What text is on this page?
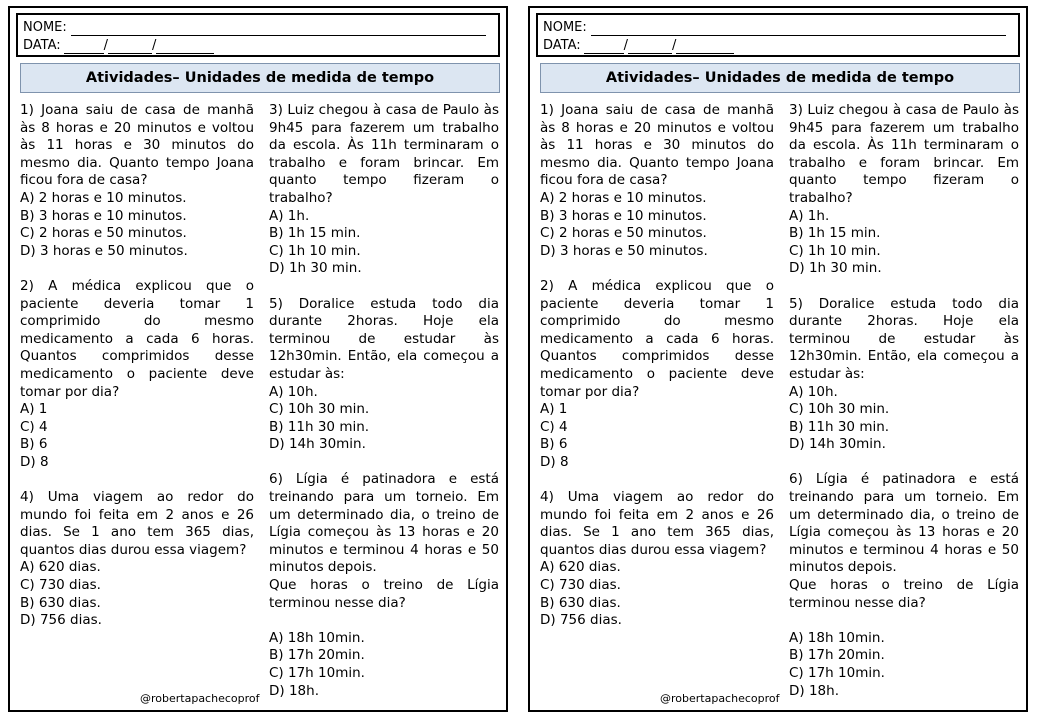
NOME:
DATA:	/	/
Atividades– Unidades de medida de tempo
1) Joana saiu de casa de manhã às 8 horas e 20 minutos e voltou às 11 horas e 30 minutos do mesmo dia. Quanto tempo Joana ficou fora de casa?
A) 2 horas e 10 minutos.
B) 3 horas e 10 minutos.
C) 2 horas e 50 minutos.
D) 3 horas e 50 minutos.
2) A médica explicou que o paciente deveria tomar 1 comprimido do mesmo medicamento a cada 6 horas. Quantos comprimidos desse medicamento o paciente deve tomar por dia?
A) 1
C) 4
B) 6
D) 8
4) Uma viagem ao redor do mundo foi feita em 2 anos e 26 dias. Se 1 ano tem 365 dias, quantos dias durou essa viagem?
A) 620 dias.
C) 730 dias.
B) 630 dias.
D) 756 dias.
3) Luiz chegou à casa de Paulo às 9h45 para fazerem um trabalho da escola. Às 11h terminaram o trabalho e foram brincar. Em quanto tempo fizeram o trabalho?
A) 1h.
B) 1h 15 min.
C) 1h 10 min.
D) 1h 30 min.
5) Doralice estuda todo dia durante 2horas. Hoje ela terminou de estudar às 12h30min. Então, ela começou a estudar às:
A) 10h.
C) 10h 30 min.
B) 11h 30 min.
D) 14h 30min.
6) Lígia é patinadora e está treinando para um torneio. Em um determinado dia, o treino de Lígia começou às 13 horas e 20 minutos e terminou 4 horas e 50 minutos depois.
Que horas o treino de Lígia terminou nesse dia?
A) 18h 10min.
B) 17h 20min.
C) 17h 10min.
D) 18h.
@robertapachecoprof
NOME:
DATA:	/	/
Atividades– Unidades de medida de tempo
1) Joana saiu de casa de manhã às 8 horas e 20 minutos e voltou às 11 horas e 30 minutos do mesmo dia. Quanto tempo Joana ficou fora de casa?
A) 2 horas e 10 minutos.
B) 3 horas e 10 minutos.
C) 2 horas e 50 minutos.
D) 3 horas e 50 minutos.
2) A médica explicou que o paciente deveria tomar 1 comprimido do mesmo medicamento a cada 6 horas. Quantos comprimidos desse medicamento o paciente deve tomar por dia?
A) 1
C) 4
B) 6
D) 8
4) Uma viagem ao redor do mundo foi feita em 2 anos e 26 dias. Se 1 ano tem 365 dias, quantos dias durou essa viagem?
A) 620 dias.
C) 730 dias.
B) 630 dias.
D) 756 dias.
3) Luiz chegou à casa de Paulo às 9h45 para fazerem um trabalho da escola. Às 11h terminaram o trabalho e foram brincar. Em quanto tempo fizeram o trabalho?
A) 1h.
B) 1h 15 min.
C) 1h 10 min.
D) 1h 30 min.
5) Doralice estuda todo dia durante 2horas. Hoje ela terminou de estudar às 12h30min. Então, ela começou a estudar às:
A) 10h.
C) 10h 30 min.
B) 11h 30 min.
D) 14h 30min.
6) Lígia é patinadora e está treinando para um torneio. Em um determinado dia, o treino de Lígia começou às 13 horas e 20 minutos e terminou 4 horas e 50 minutos depois.
Que horas o treino de Lígia terminou nesse dia?
A) 18h 10min.
B) 17h 20min.
C) 17h 10min.
D) 18h.
@robertapachecoprof
